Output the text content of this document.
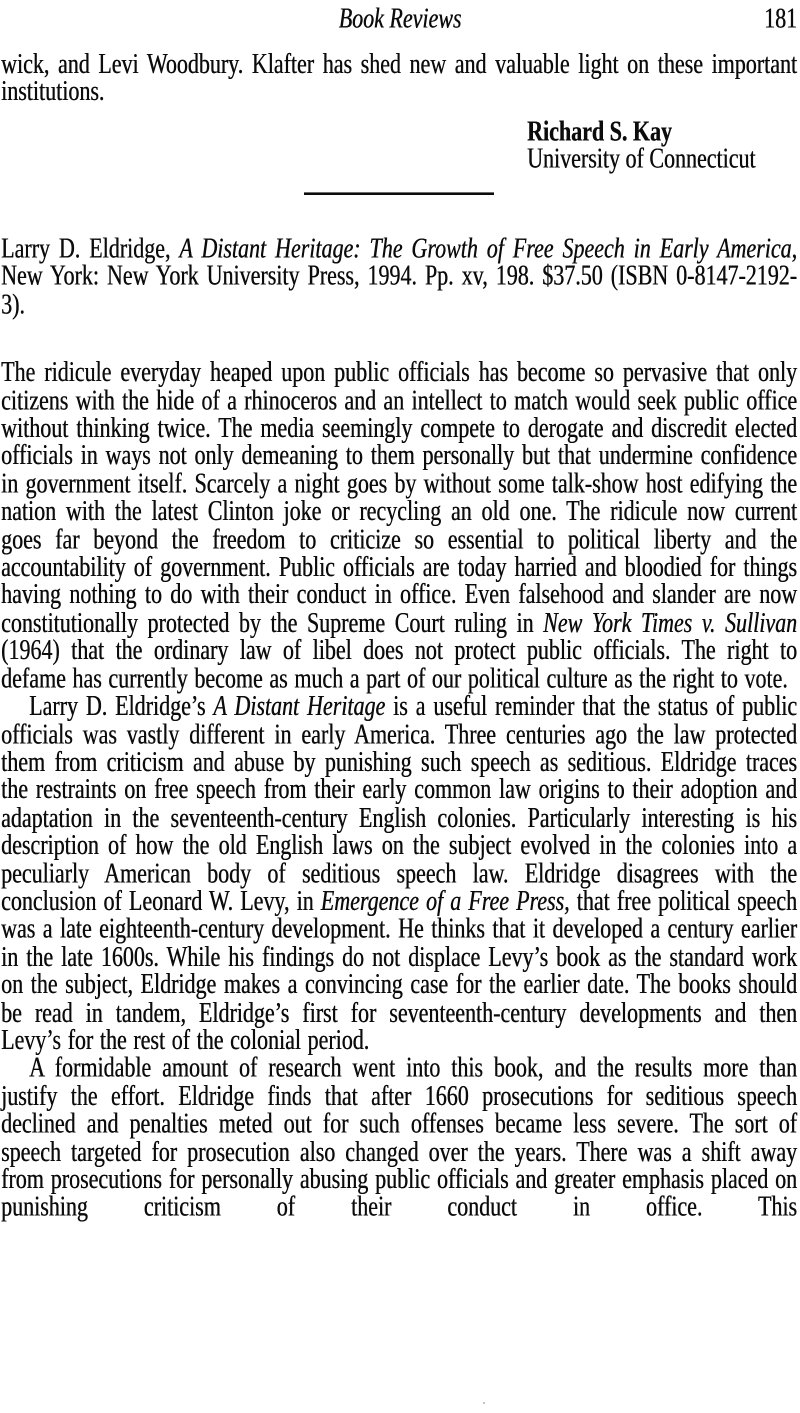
Book Reviews	181

wick, and Levi Woodbury. Klafter has shed new and valuable light on these important institutions.

Richard S. Kay
University of Connecticut

Larry D. Eldridge, A Distant Heritage: The Growth of Free Speech in Early America, New York: New York University Press, 1994. Pp. xv, 198. $37.50 (ISBN 0-8147-2192-3).

The ridicule everyday heaped upon public officials has become so pervasive that only citizens with the hide of a rhinoceros and an intellect to match would seek public office without thinking twice. The media seemingly compete to derogate and discredit elected officials in ways not only demeaning to them personally but that undermine confidence in government itself. Scarcely a night goes by without some talk-show host edifying the nation with the latest Clinton joke or recycling an old one. The ridicule now current goes far beyond the freedom to criticize so essential to political liberty and the accountability of government. Public officials are today harried and bloodied for things having nothing to do with their conduct in office. Even falsehood and slander are now constitutionally protected by the Supreme Court ruling in New York Times v. Sullivan (1964) that the ordinary law of libel does not protect public officials. The right to defame has currently become as much a part of our political culture as the right to vote.

Larry D. Eldridge’s A Distant Heritage is a useful reminder that the status of public officials was vastly different in early America. Three centuries ago the law protected them from criticism and abuse by punishing such speech as seditious. Eldridge traces the restraints on free speech from their early common law origins to their adoption and adaptation in the seventeenth-century English colonies. Particularly interesting is his description of how the old English laws on the subject evolved in the colonies into a peculiarly American body of seditious speech law. Eldridge disagrees with the conclusion of Leonard W. Levy, in Emergence of a Free Press, that free political speech was a late eighteenth-century development. He thinks that it developed a century earlier in the late 1600s. While his findings do not displace Levy’s book as the standard work on the subject, Eldridge makes a convincing case for the earlier date. The books should be read in tandem, Eldridge’s first for seventeenth-century developments and then Levy’s for the rest of the colonial period.

A formidable amount of research went into this book, and the results more than justify the effort. Eldridge finds that after 1660 prosecutions for seditious speech declined and penalties meted out for such offenses became less severe. The sort of speech targeted for prosecution also changed over the years. There was a shift away from prosecutions for personally abusing public officials and greater emphasis placed on punishing criticism of their conduct in office. This
